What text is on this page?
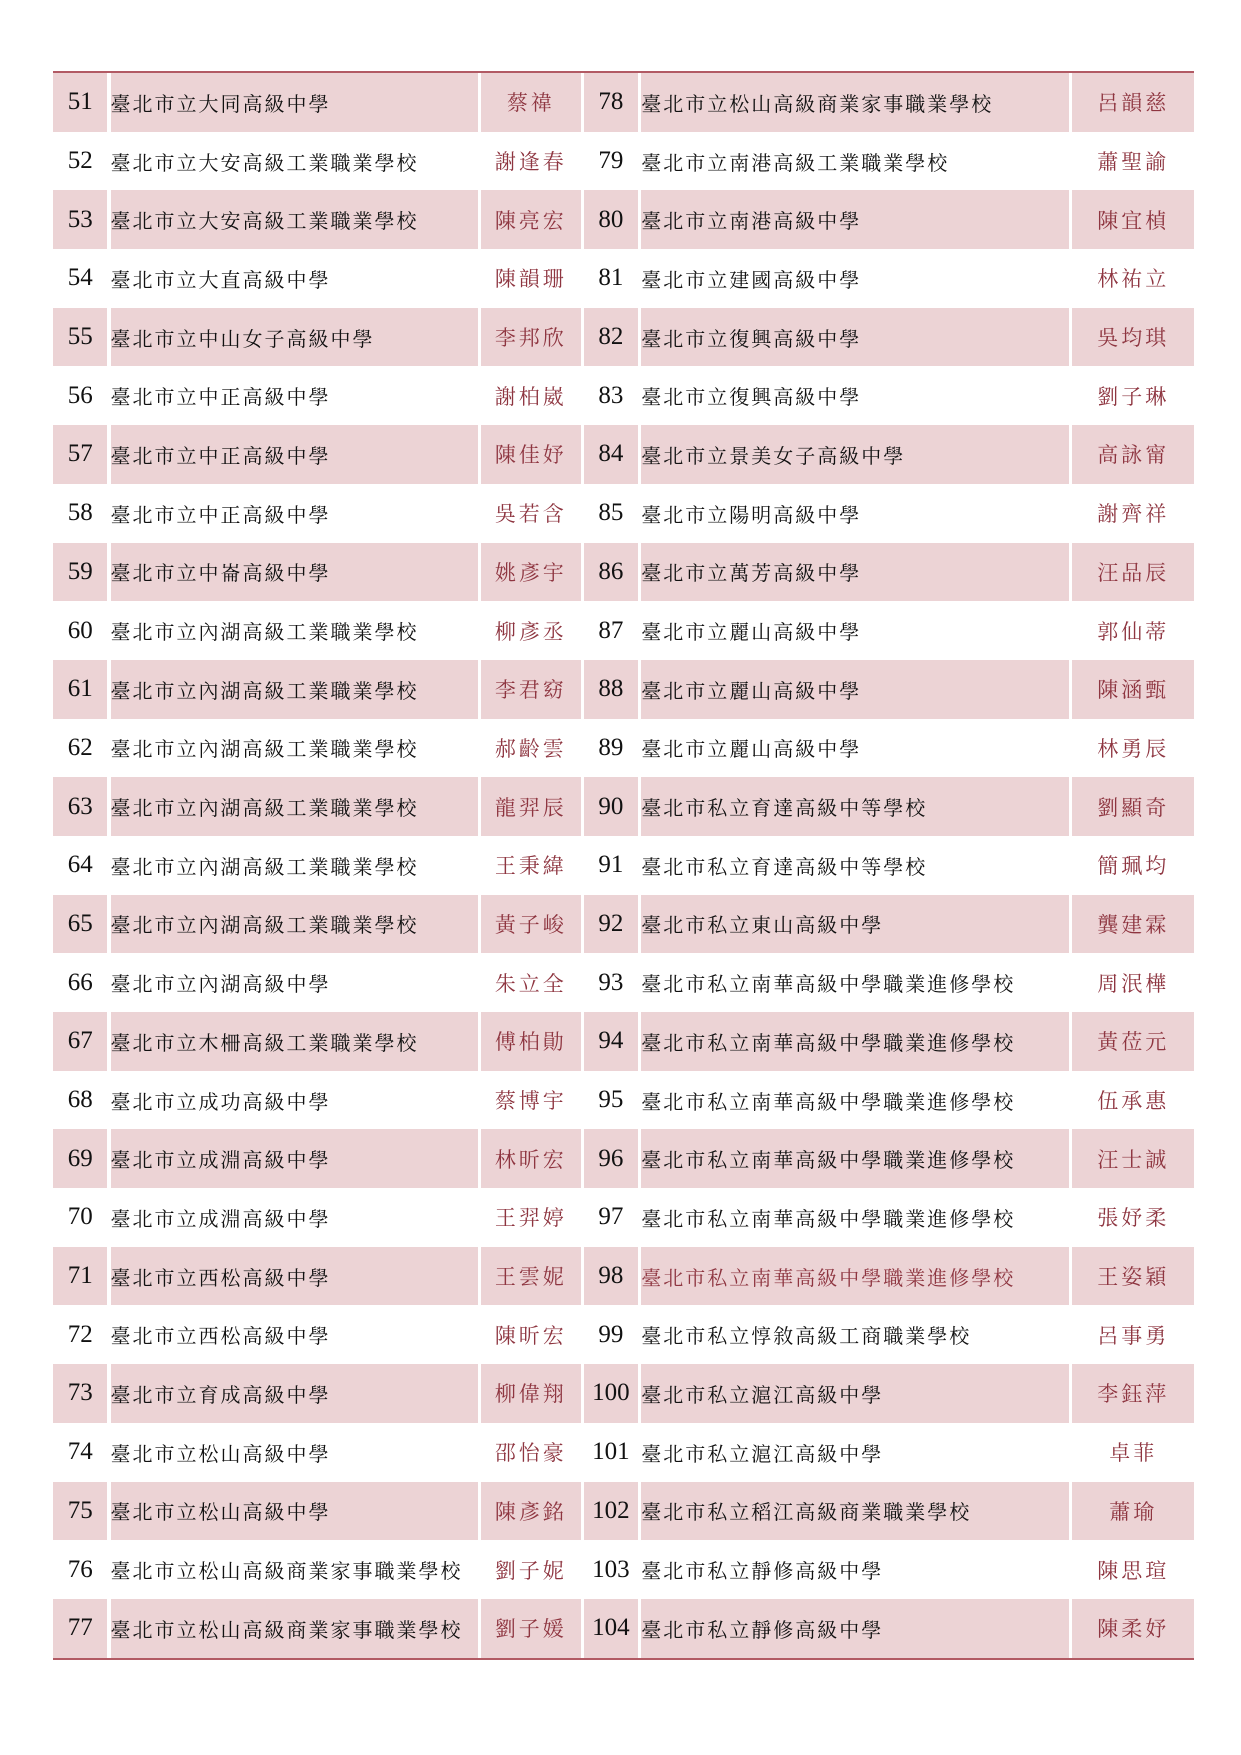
51		臺北市立大同高級中學		蔡禕		78		臺北市立松山高級商業家事職業學校		呂韻慈
52		臺北市立大安高級工業職業學校		謝逢春		79		臺北市立南港高級工業職業學校		蕭聖諭
53		臺北市立大安高級工業職業學校		陳亮宏		80		臺北市立南港高級中學		陳宜楨
54		臺北市立大直高級中學		陳韻珊		81		臺北市立建國高級中學		林祐立
55		臺北市立中山女子高級中學		李邦欣		82		臺北市立復興高級中學		吳均琪
56		臺北市立中正高級中學		謝柏崴		83		臺北市立復興高級中學		劉子琳
57		臺北市立中正高級中學		陳佳妤		84		臺北市立景美女子高級中學		高詠甯
58		臺北市立中正高級中學		吳若含		85		臺北市立陽明高級中學		謝齊祥
59		臺北市立中崙高級中學		姚彥宇		86		臺北市立萬芳高級中學		汪品辰
60		臺北市立內湖高級工業職業學校		柳彥丞		87		臺北市立麗山高級中學		郭仙蒂
61		臺北市立內湖高級工業職業學校		李君窈		88		臺北市立麗山高級中學		陳涵甄
62		臺北市立內湖高級工業職業學校		郝齡雲		89		臺北市立麗山高級中學		林勇辰
63		臺北市立內湖高級工業職業學校		龍羿辰		90		臺北市私立育達高級中等學校		劉顯奇
64		臺北市立內湖高級工業職業學校		王秉緯		91		臺北市私立育達高級中等學校		簡珮均
65		臺北市立內湖高級工業職業學校		黃子峻		92		臺北市私立東山高級中學		龔建霖
66		臺北市立內湖高級中學		朱立全		93		臺北市私立南華高級中學職業進修學校		周泯樺
67		臺北市立木柵高級工業職業學校		傅柏勛		94		臺北市私立南華高級中學職業進修學校		黃莅元
68		臺北市立成功高級中學		蔡博宇		95		臺北市私立南華高級中學職業進修學校		伍承惠
69		臺北市立成淵高級中學		林昕宏		96		臺北市私立南華高級中學職業進修學校		汪士誠
70		臺北市立成淵高級中學		王羿婷		97		臺北市私立南華高級中學職業進修學校		張妤柔
71		臺北市立西松高級中學		王雲妮		98		臺北市私立南華高級中學職業進修學校		王姿穎
72		臺北市立西松高級中學		陳昕宏		99		臺北市私立惇敘高級工商職業學校		呂事勇
73		臺北市立育成高級中學		柳偉翔		100		臺北市私立滬江高級中學		李鈺萍
74		臺北市立松山高級中學		邵怡豪		101		臺北市私立滬江高級中學		卓菲
75		臺北市立松山高級中學		陳彥銘		102		臺北市私立稻江高級商業職業學校		蕭瑜
76		臺北市立松山高級商業家事職業學校		劉子妮		103		臺北市私立靜修高級中學		陳思瑄
77		臺北市立松山高級商業家事職業學校		劉子媛		104		臺北市私立靜修高級中學		陳柔妤
